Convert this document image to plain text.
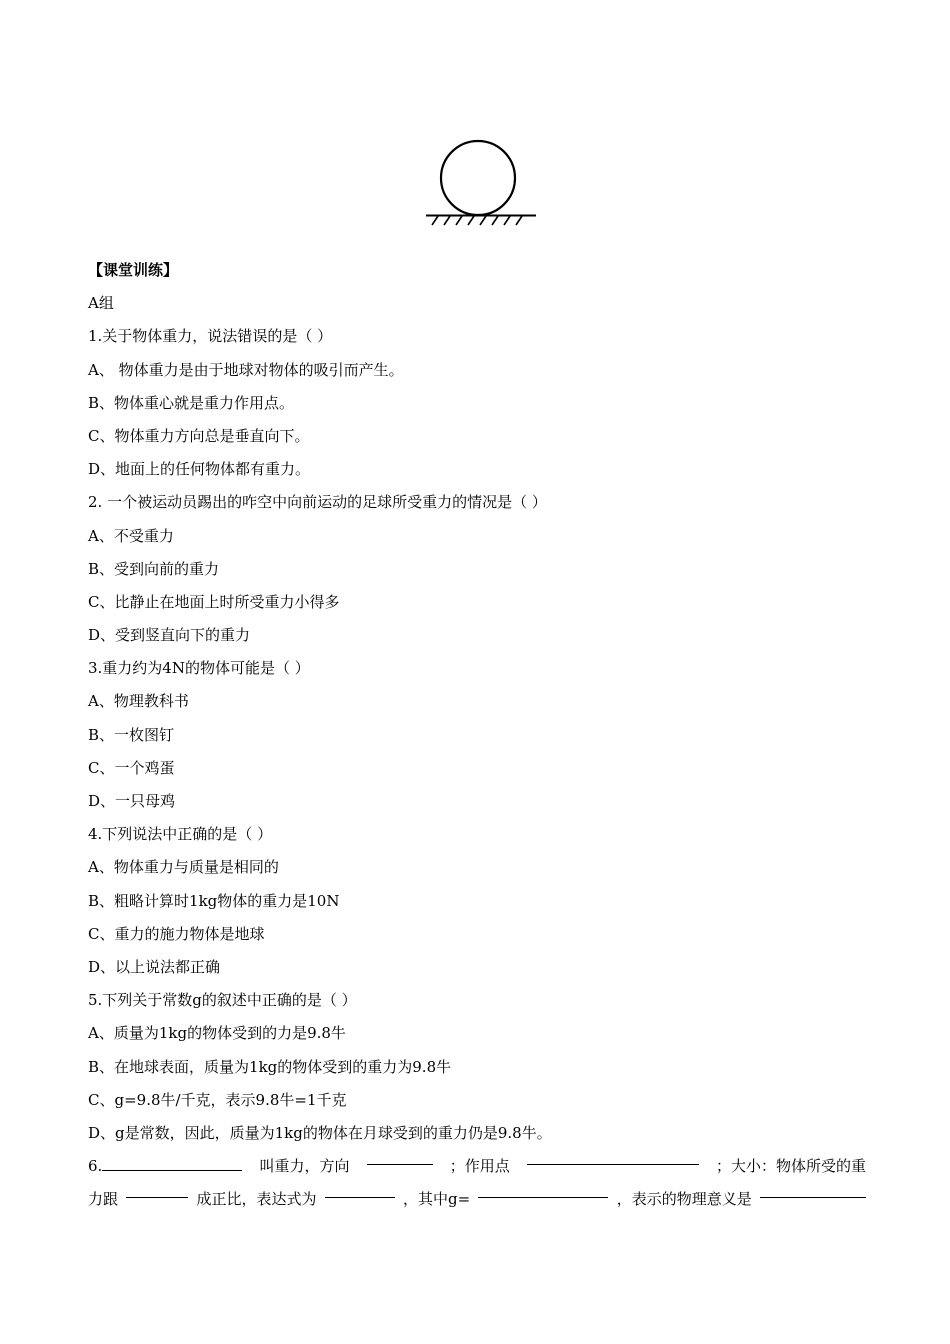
【课堂训练】
A组
1.关于物体重力，说法错误的是（ ）
A、 物体重力是由于地球对物体的吸引而产生。
B、物体重心就是重力作用点。
C、物体重力方向总是垂直向下。
D、地面上的任何物体都有重力。
2. 一个被运动员踢出的咋空中向前运动的足球所受重力的情况是（ ）
A、不受重力
B、受到向前的重力
C、比静止在地面上时所受重力小得多
D、受到竖直向下的重力
3.重力约为4N的物体可能是（ ）
A、物理教科书
B、一枚图钉
C、一个鸡蛋
D、一只母鸡
4.下列说法中正确的是（ ）
A、物体重力与质量是相同的
B、粗略计算时1kg物体的重力是10N
C、重力的施力物体是地球
D、以上说法都正确
5.下列关于常数g的叙述中正确的是（ ）
A、质量为1kg的物体受到的力是9.8牛
B、在地球表面，质量为1kg的物体受到的重力为9.8牛
C、g=9.8牛/千克，表示9.8牛=1千克
D、g是常数，因此，质量为1kg的物体在月球受到的重力仍是9.8牛。
6.	叫重力，方向	；作用点	；大小：物体所受的重
力跟	成正比，表达式为	，其中g=	，表示的物理意义是
